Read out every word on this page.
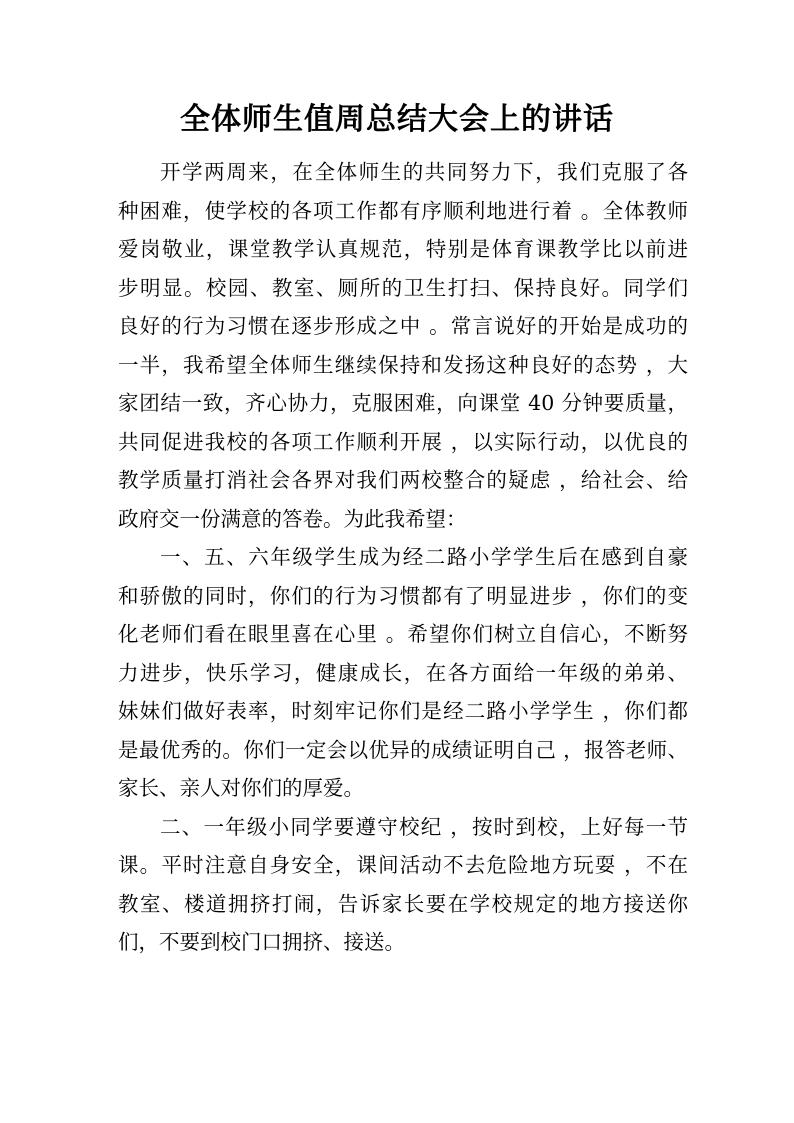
全体师生值周总结大会上的讲话
开学两周来，在全体师生的共同努力下，我们克服了各
种困难，使学校的各项工作都有序顺利地进行着 。全体教师
爱岗敬业，课堂教学认真规范，特别是体育课教学比以前进
步明显。校园、教室、厕所的卫生打扫、保持良好。同学们
良好的行为习惯在逐步形成之中 。常言说好的开始是成功的
一半，我希望全体师生继续保持和发扬这种良好的态势 ，大
家团结一致，齐心协力，克服困难，向课堂 40 分钟要质量，
共同促进我校的各项工作顺利开展 ，以实际行动，以优良的
教学质量打消社会各界对我们两校整合的疑虑 ，给社会、给
政府交一份满意的答卷。为此我希望：
一、五、六年级学生成为经二路小学学生后在感到自豪
和骄傲的同时，你们的行为习惯都有了明显进步 ，你们的变
化老师们看在眼里喜在心里 。希望你们树立自信心，不断努
力进步，快乐学习，健康成长，在各方面给一年级的弟弟、
妹妹们做好表率，时刻牢记你们是经二路小学学生 ，你们都
是最优秀的。你们一定会以优异的成绩证明自己 ，报答老师、
家长、亲人对你们的厚爱。
二、一年级小同学要遵守校纪 ，按时到校，上好每一节
课。平时注意自身安全，课间活动不去危险地方玩耍 ，不在
教室、楼道拥挤打闹，告诉家长要在学校规定的地方接送你
们，不要到校门口拥挤、接送。
